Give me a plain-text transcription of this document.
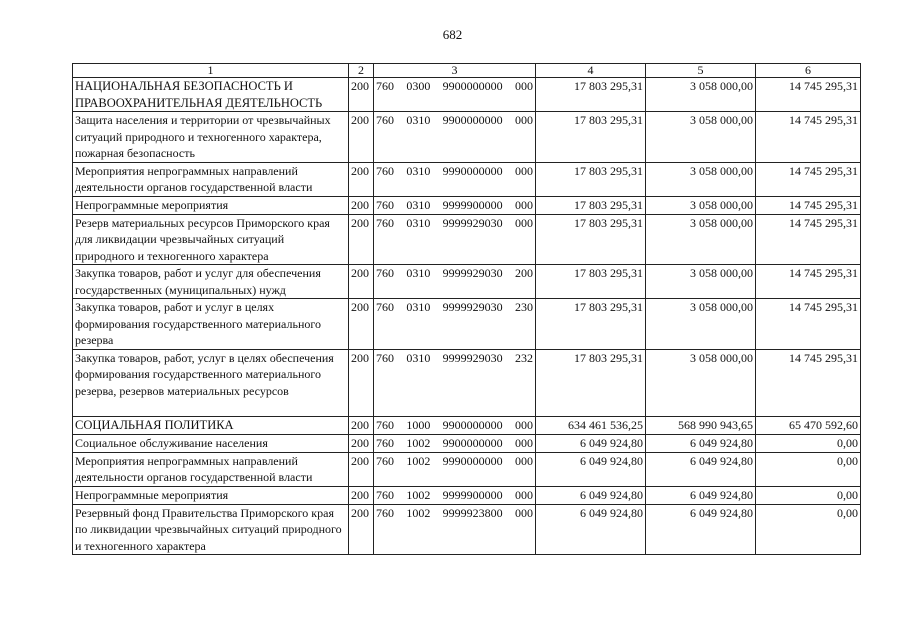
682
1	2	3	4	5	6
НАЦИОНАЛЬНАЯ БЕЗОПАСНОСТЬ И ПРАВООХРАНИТЕЛЬНАЯ ДЕЯТЕЛЬНОСТЬ	200	760 0300 9900000000 000	17 803 295,31	3 058 000,00	14 745 295,31
Защита населения и территории от чрезвычайных ситуаций природного и техногенного характера, пожарная безопасность	200	760 0310 9900000000 000	17 803 295,31	3 058 000,00	14 745 295,31
Мероприятия непрограммных направлений деятельности органов государственной власти	200	760 0310 9990000000 000	17 803 295,31	3 058 000,00	14 745 295,31
Непрограммные мероприятия	200	760 0310 9999900000 000	17 803 295,31	3 058 000,00	14 745 295,31
Резерв материальных ресурсов Приморского края для ликвидации чрезвычайных ситуаций природного и техногенного характера	200	760 0310 9999929030 000	17 803 295,31	3 058 000,00	14 745 295,31
Закупка товаров, работ и услуг для обеспечения государственных (муниципальных) нужд	200	760 0310 9999929030 200	17 803 295,31	3 058 000,00	14 745 295,31
Закупка товаров, работ и услуг в целях формирования государственного материального резерва	200	760 0310 9999929030 230	17 803 295,31	3 058 000,00	14 745 295,31
Закупка товаров, работ, услуг в целях обеспечения формирования государственного материального резерва, резервов материальных ресурсов	200	760 0310 9999929030 232	17 803 295,31	3 058 000,00	14 745 295,31
СОЦИАЛЬНАЯ ПОЛИТИКА	200	760 1000 9900000000 000	634 461 536,25	568 990 943,65	65 470 592,60
Социальное обслуживание населения	200	760 1002 9900000000 000	6 049 924,80	6 049 924,80	0,00
Мероприятия непрограммных направлений деятельности органов государственной власти	200	760 1002 9990000000 000	6 049 924,80	6 049 924,80	0,00
Непрограммные мероприятия	200	760 1002 9999900000 000	6 049 924,80	6 049 924,80	0,00
Резервный фонд Правительства Приморского края по ликвидации чрезвычайных ситуаций природного и техногенного характера	200	760 1002 9999923800 000	6 049 924,80	6 049 924,80	0,00
